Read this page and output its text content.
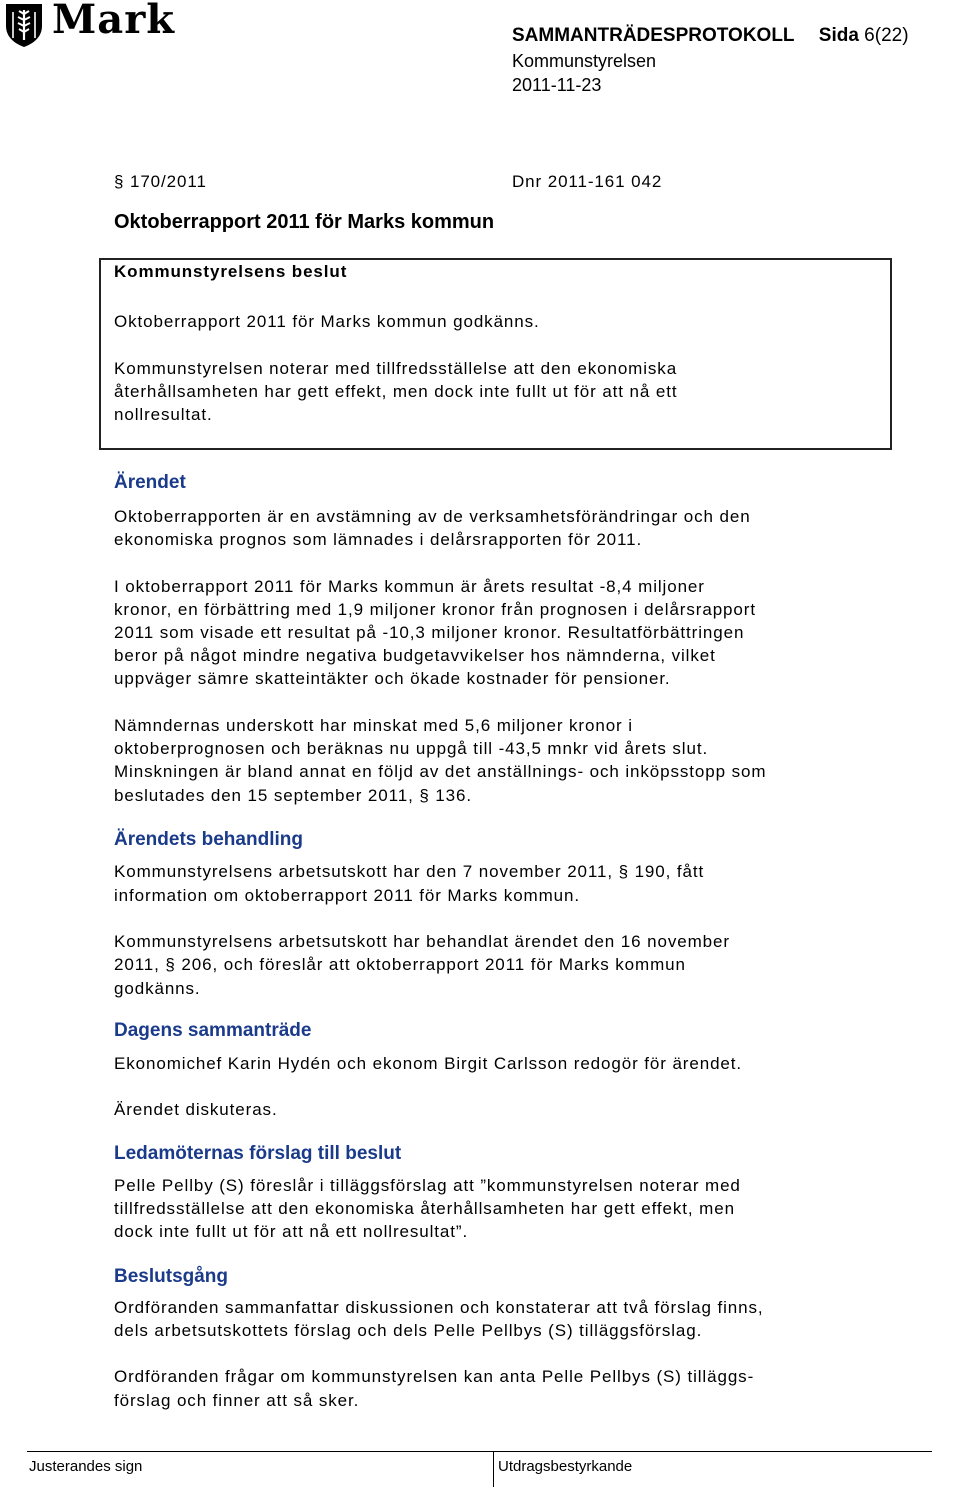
Mark	SAMMANTRÄDESPROTOKOLL Sida 6(22)
Kommunstyrelsen
2011-11-23
§ 170/2011	Dnr 2011-161 042
Oktoberrapport 2011 för Marks kommun
Kommunstyrelsens beslut
Oktoberrapport 2011 för Marks kommun godkänns.
Kommunstyrelsen noterar med tillfredsställelse att den ekonomiska
återhållsamheten har gett effekt, men dock inte fullt ut för att nå ett
nollresultat.
Ärendet
Oktoberrapporten är en avstämning av de verksamhetsförändringar och den
ekonomiska prognos som lämnades i delårsrapporten för 2011.
I oktoberrapport 2011 för Marks kommun är årets resultat -8,4 miljoner
kronor, en förbättring med 1,9 miljoner kronor från prognosen i delårsrapport
2011 som visade ett resultat på -10,3 miljoner kronor. Resultatförbättringen
beror på något mindre negativa budgetavvikelser hos nämnderna, vilket
uppväger sämre skatteintäkter och ökade kostnader för pensioner.
Nämndernas underskott har minskat med 5,6 miljoner kronor i
oktoberprognosen och beräknas nu uppgå till -43,5 mnkr vid årets slut.
Minskningen är bland annat en följd av det anställnings- och inköpsstopp som
beslutades den 15 september 2011, § 136.
Ärendets behandling
Kommunstyrelsens arbetsutskott har den 7 november 2011, § 190, fått
information om oktoberrapport 2011 för Marks kommun.
Kommunstyrelsens arbetsutskott har behandlat ärendet den 16 november
2011, § 206, och föreslår att oktoberrapport 2011 för Marks kommun
godkänns.
Dagens sammanträde
Ekonomichef Karin Hydén och ekonom Birgit Carlsson redogör för ärendet.
Ärendet diskuteras.
Ledamöternas förslag till beslut
Pelle Pellby (S) föreslår i tilläggsförslag att ”kommunstyrelsen noterar med
tillfredsställelse att den ekonomiska återhållsamheten har gett effekt, men
dock inte fullt ut för att nå ett nollresultat”.
Beslutsgång
Ordföranden sammanfattar diskussionen och konstaterar att två förslag finns,
dels arbetsutskottets förslag och dels Pelle Pellbys (S) tilläggsförslag.
Ordföranden frågar om kommunstyrelsen kan anta Pelle Pellbys (S) tilläggs-
förslag och finner att så sker.
Justerandes sign	Utdragsbestyrkande
